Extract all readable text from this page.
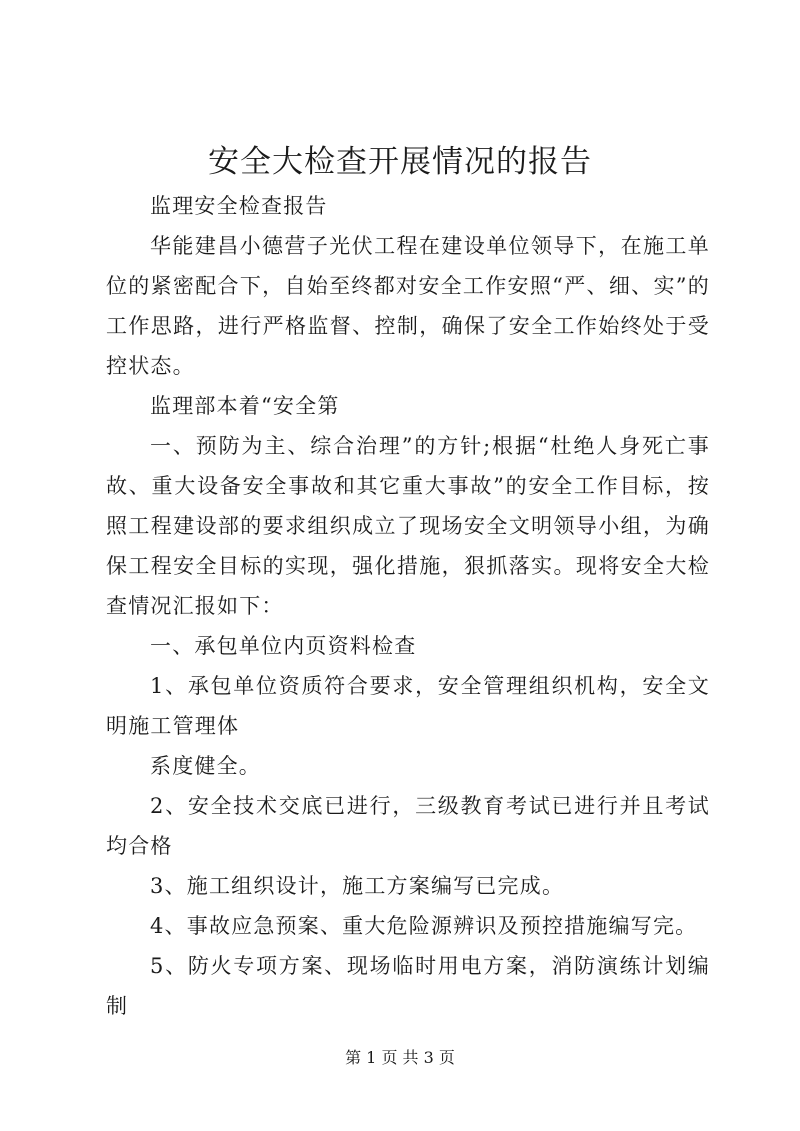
安全大检查开展情况的报告

监理安全检查报告

华能建昌小德营子光伏工程在建设单位领导下，在施工单位的紧密配合下，自始至终都对安全工作安照“严、细、实”的工作思路，进行严格监督、控制，确保了安全工作始终处于受控状态。

监理部本着“安全第

一、预防为主、综合治理”的方针;根据“杜绝人身死亡事故、重大设备安全事故和其它重大事故”的安全工作目标，按照工程建设部的要求组织成立了现场安全文明领导小组，为确保工程安全目标的实现，强化措施，狠抓落实。现将安全大检查情况汇报如下：

一、承包单位内页资料检查

1、承包单位资质符合要求，安全管理组织机构，安全文明施工管理体

系度健全。

2、安全技术交底已进行，三级教育考试已进行并且考试均合格

3、施工组织设计，施工方案编写已完成。

4、事故应急预案、重大危险源辨识及预控措施编写完。

5、防火专项方案、现场临时用电方案，消防演练计划编制

第 1 页 共 3 页
